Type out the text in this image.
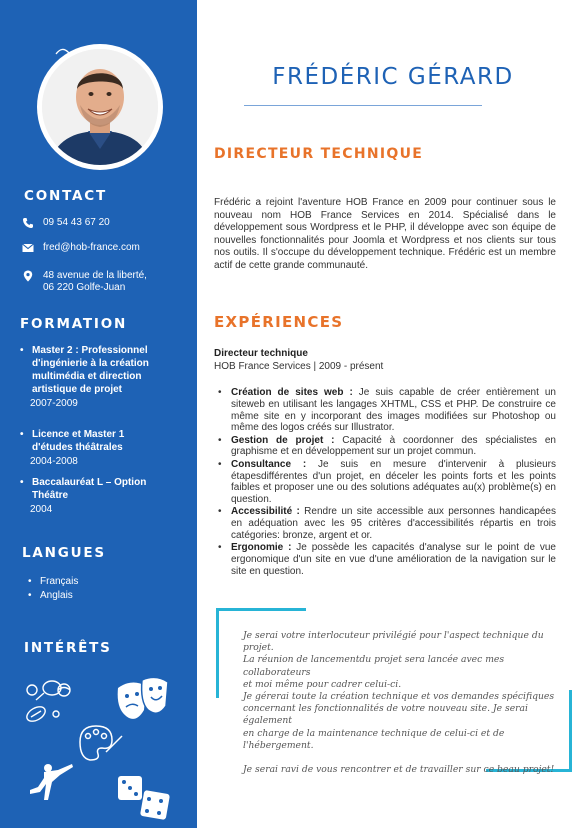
CONTACT
09 54 43 67 20
fred@hob-france.com
48 avenue de la liberté,
06 220 Golfe-Juan
FORMATION
• Master 2 : Professionnel
d'ingénierie à la création
multimédia et direction
artistique de projet
2007-2009
• Licence et Master 1
d'études théâtrales
2004-2008
• Baccalauréat L – Option
Théâtre
2004
LANGUES
• Français
• Anglais
INTÉRÊTS
FRÉDÉRIC GÉRARD
DIRECTEUR TECHNIQUE
Frédéric a rejoint l'aventure HOB France en 2009 pour continuer sous le nouveau nom HOB France Services en 2014. Spécialisé dans le développement sous Wordpress et le PHP, il développe avec son équipe de nouvelles fonctionnalités pour Joomla et Wordpress et nos clients sur tous nos outils. Il s'occupe du développement technique. Frédéric est un membre actif de cette grande communauté.
EXPÉRIENCES
Directeur technique
HOB France Services | 2009 - présent
• Création de sites web : Je suis capable de créer entièrement un siteweb en utilisant les langages XHTML, CSS et PHP. De construire ce même site en y incorporant des images modifiées sur Photoshop ou même des logos créés sur Illustrator.
• Gestion de projet : Capacité à coordonner des spécialistes en graphisme et en développement sur un projet commun.
• Consultance : Je suis en mesure d'intervenir à plusieurs étapesdifférentes d'un projet, en déceler les points forts et les points faibles et proposer une ou des solutions adéquates au(x) problème(s) en question.
• Accessibilité : Rendre un site accessible aux personnes handicapées en adéquation avec les 95 critères d'accessibilités répartis en trois catégories: bronze, argent et or.
• Ergonomie : Je possède les capacités d'analyse sur le point de vue ergonomique d'un site en vue d'une amélioration de la navigation sur le site en question.

Je serai votre interlocuteur privilégié pour l'aspect technique du projet.

La réunion de lancementdu projet sera lancée avec mes collaborateurs

et moi même pour cadrer celui-ci.

Je gérerai toute la création technique et vos demandes spécifiques

concernant les fonctionnalités de votre nouveau site. Je serai également

en charge de la maintenance technique de celui-ci et de l'hébergement.

Je serai ravi de vous rencontrer et de travailler sur ce beau projet!
